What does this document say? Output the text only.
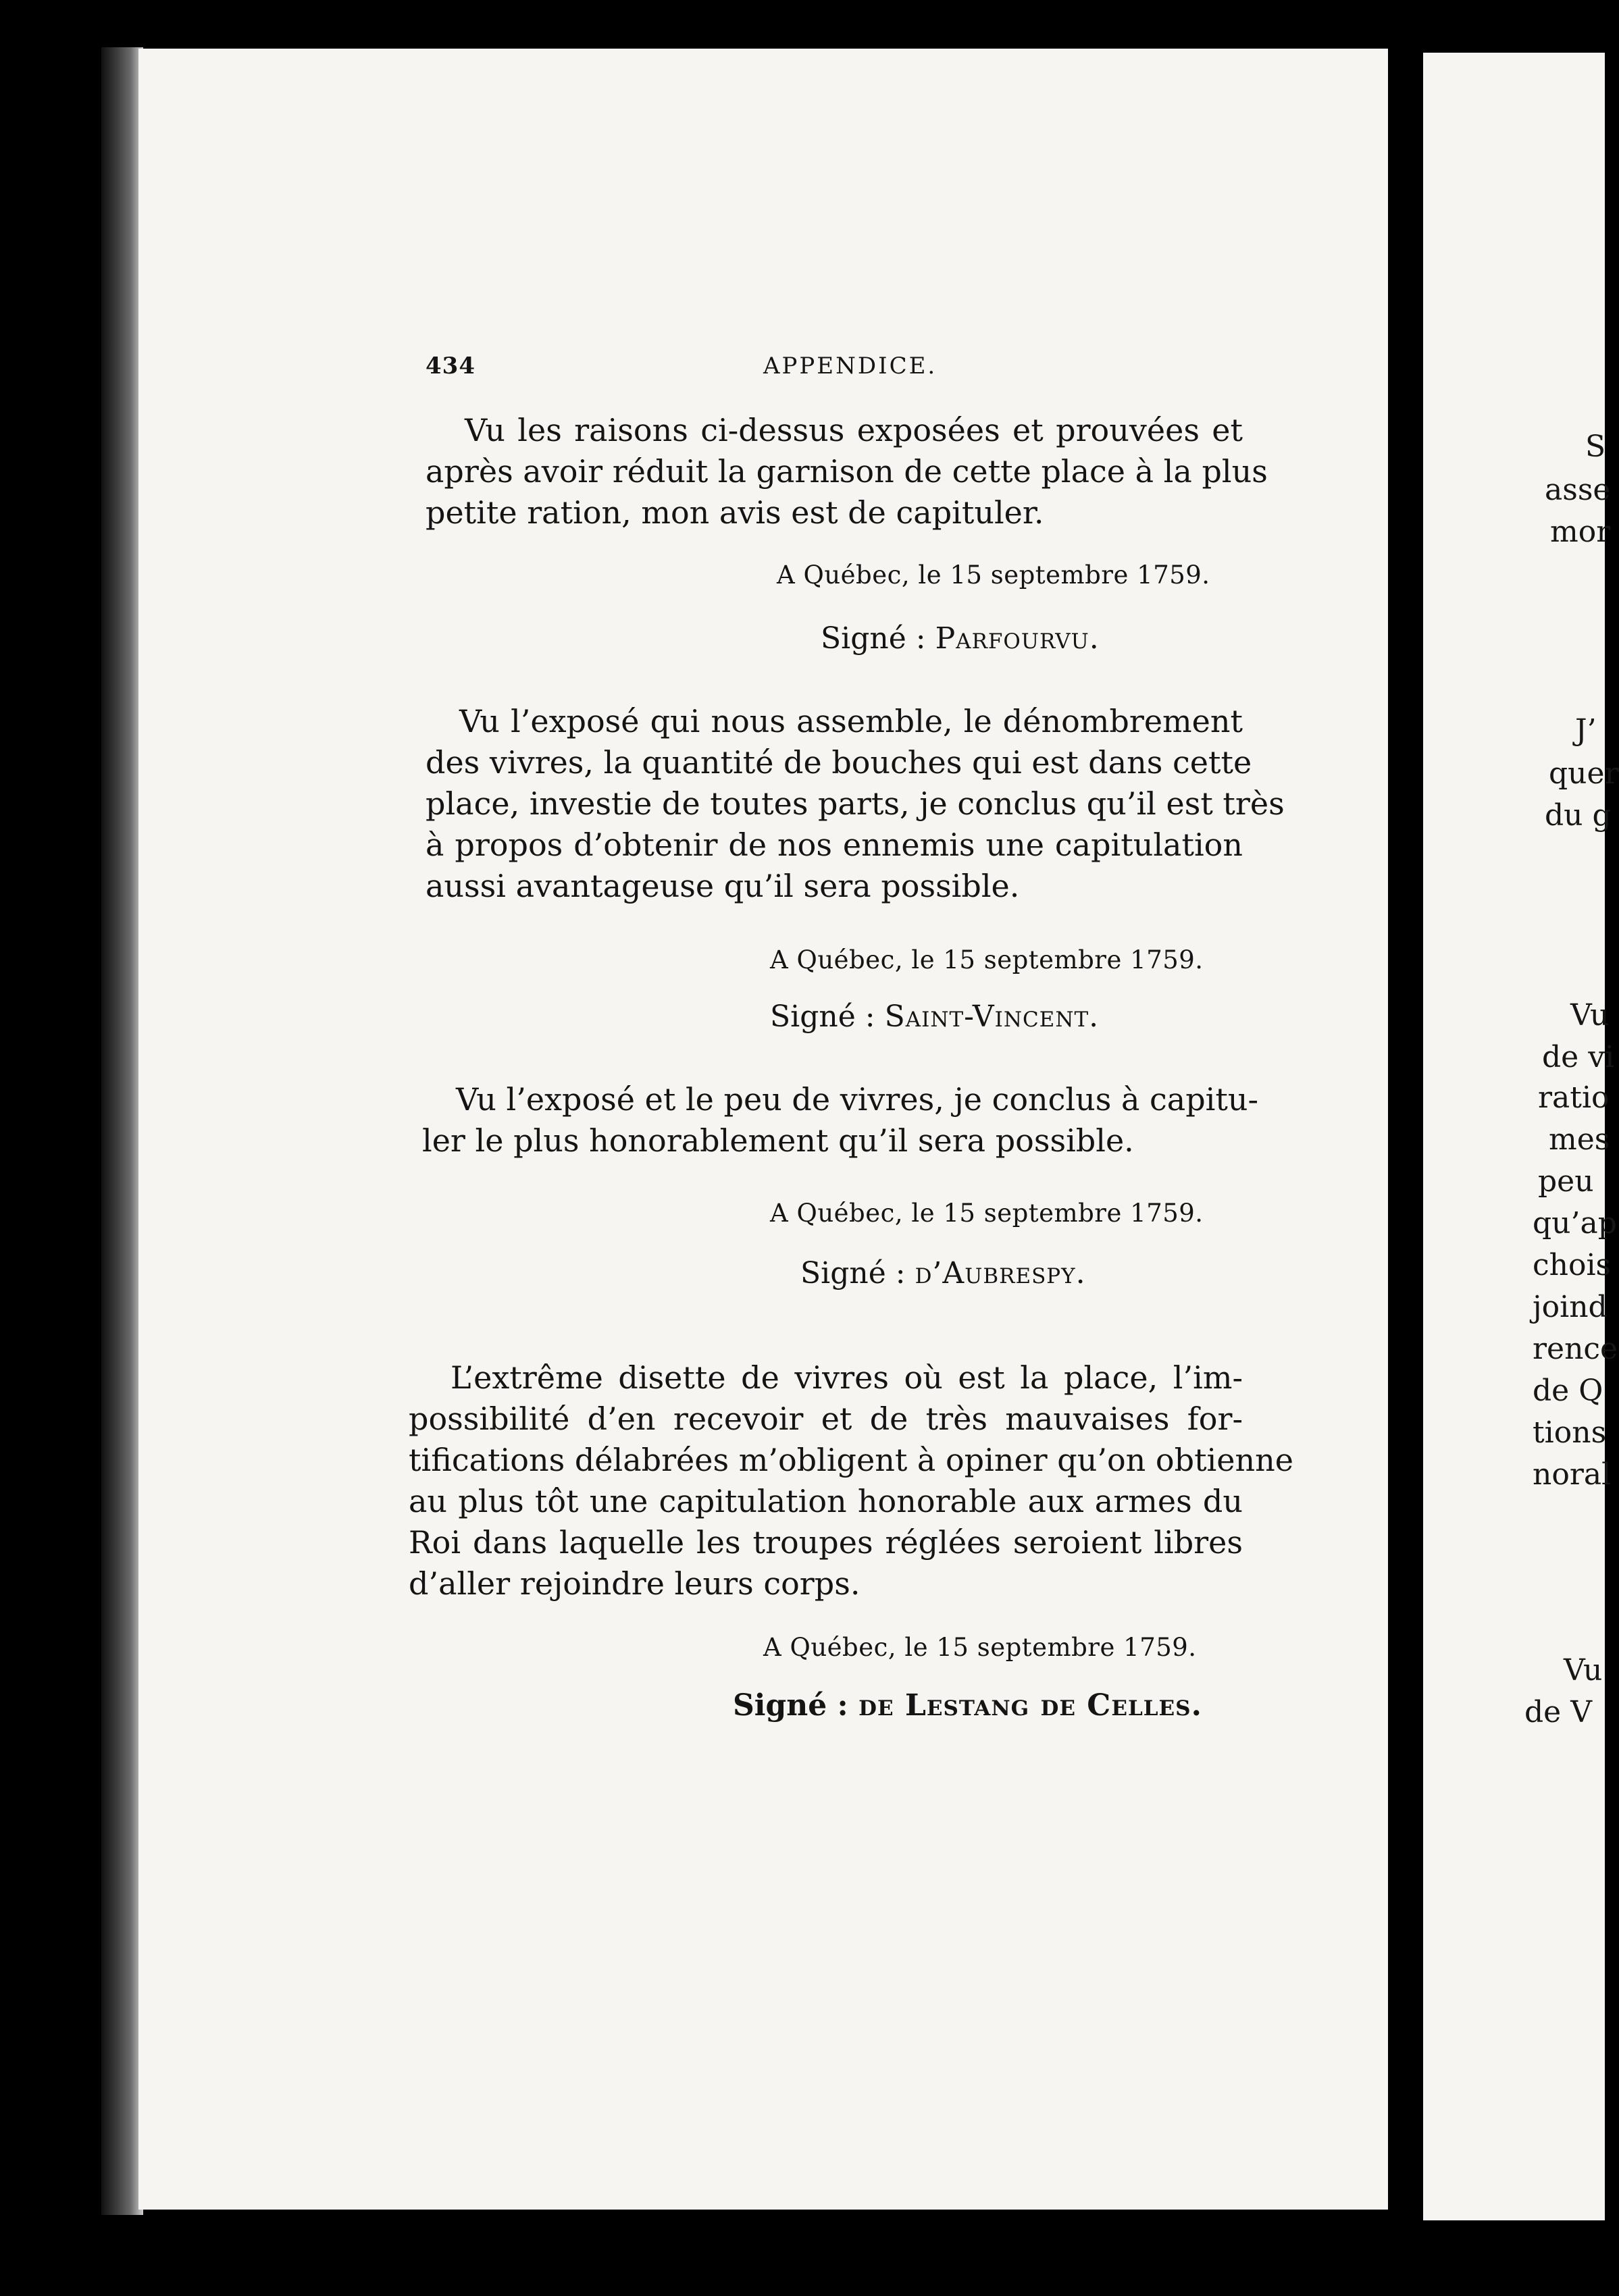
S
asse
mor
J’
quer
du g
Vu
de vi
ratio
mes
peu
qu’ap
chois
joind
rence
de Q
tions
noral
Vu
de V
434	APPENDICE.
Vu les raisons ci-dessus exposées et prouvées et
après avoir réduit la garnison de cette place à la plus
petite ration, mon avis est de capituler.
A Québec, le 15 septembre 1759.
Signé : Parfourvu.
Vu l’exposé qui nous assemble, le dénombrement
des vivres, la quantité de bouches qui est dans cette
place, investie de toutes parts, je conclus qu’il est très
à propos d’obtenir de nos ennemis une capitulation
aussi avantageuse qu’il sera possible.
A Québec, le 15 septembre 1759.
Signé : Saint-Vincent.
Vu l’exposé et le peu de vivres, je conclus à capitu-
ler le plus honorablement qu’il sera possible.
A Québec, le 15 septembre 1759.
Signé : d’Aubrespy.
L’extrême disette de vivres où est la place, l’im-
possibilité d’en recevoir et de très mauvaises for-
tifications délabrées m’obligent à opiner qu’on obtienne
au plus tôt une capitulation honorable aux armes du
Roi dans laquelle les troupes réglées seroient libres
d’aller rejoindre leurs corps.
A Québec, le 15 septembre 1759.
Signé : de Lestang de Celles.
